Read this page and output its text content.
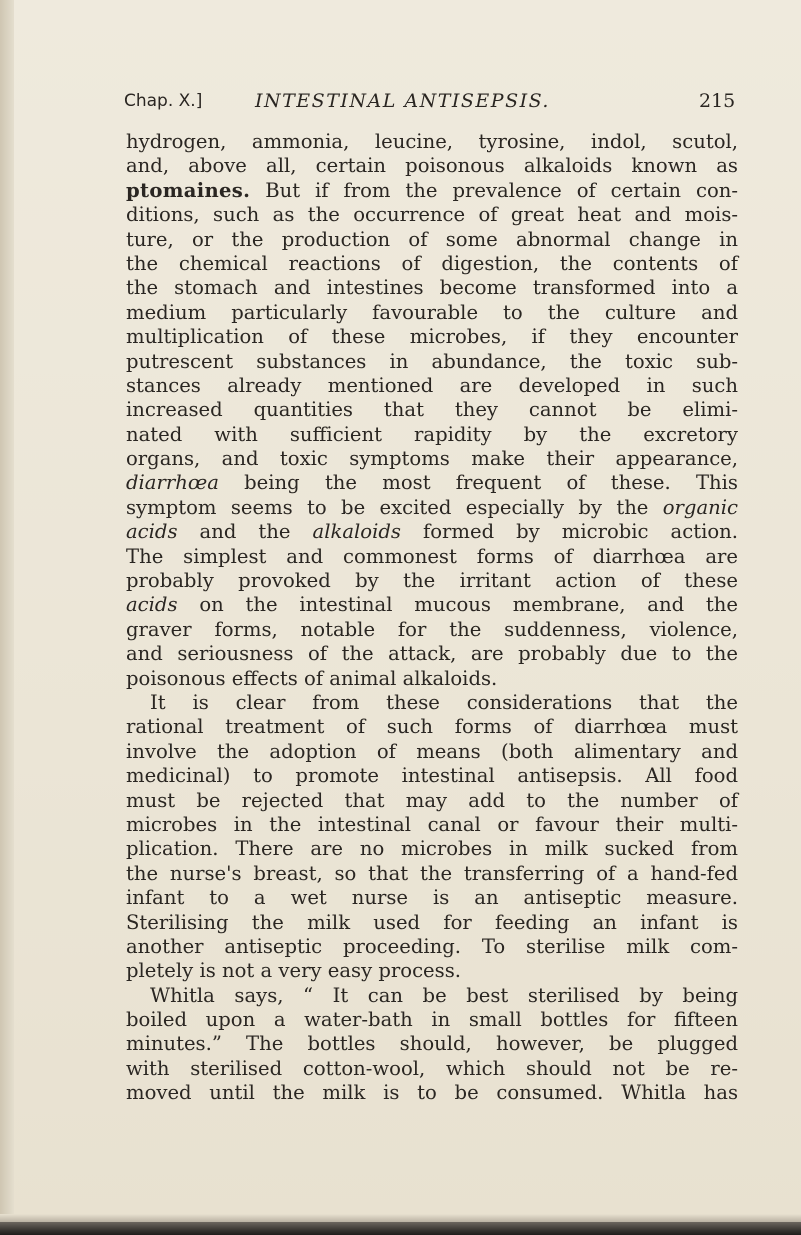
Chap. X.]	INTESTINAL ANTISEPSIS.	215
hydrogen, ammonia, leucine, tyrosine, indol, scutol,
and, above all, certain poisonous alkaloids known as
ptomaines. But if from the prevalence of certain con-
ditions, such as the occurrence of great heat and mois-
ture, or the production of some abnormal change in
the chemical reactions of digestion, the contents of
the stomach and intestines become transformed into a
medium particularly favourable to the culture and
multiplication of these microbes, if they encounter
putrescent substances in abundance, the toxic sub-
stances already mentioned are developed in such
increased quantities that they cannot be elimi-
nated with sufficient rapidity by the excretory
organs, and toxic symptoms make their appearance,
diarrhœa being the most frequent of these. This
symptom seems to be excited especially by the organic
acids and the alkaloids formed by microbic action.
The simplest and commonest forms of diarrhœa are
probably provoked by the irritant action of these
acids on the intestinal mucous membrane, and the
graver forms, notable for the suddenness, violence,
and seriousness of the attack, are probably due to the
poisonous effects of animal alkaloids.
It is clear from these considerations that the
rational treatment of such forms of diarrhœa must
involve the adoption of means (both alimentary and
medicinal) to promote intestinal antisepsis. All food
must be rejected that may add to the number of
microbes in the intestinal canal or favour their multi-
plication. There are no microbes in milk sucked from
the nurse's breast, so that the transferring of a hand-fed
infant to a wet nurse is an antiseptic measure.
Sterilising the milk used for feeding an infant is
another antiseptic proceeding. To sterilise milk com-
pletely is not a very easy process.
Whitla says, “ It can be best sterilised by being
boiled upon a water-bath in small bottles for fifteen
minutes.” The bottles should, however, be plugged
with sterilised cotton-wool, which should not be re-
moved until the milk is to be consumed. Whitla has
